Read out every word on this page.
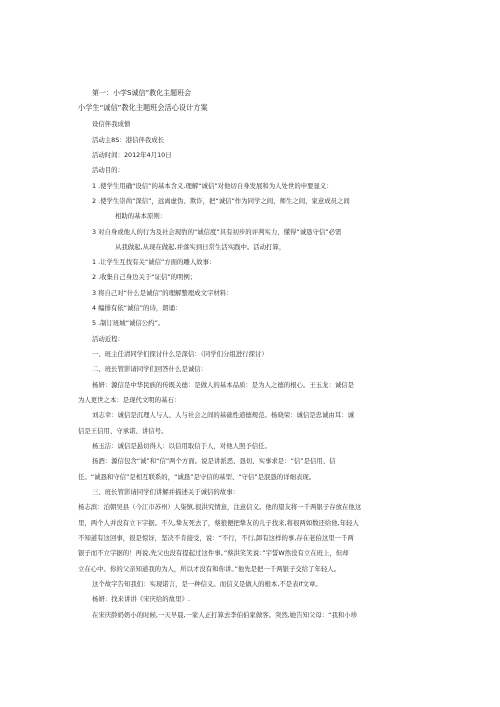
第一：小学S诚信”教化主题班会
小学生“诚信”教化主题班会活心设计方案
设信伴我成愦
活动主8S：港信伴我成长
活动时间：2012年4月10日
活动目的：
1 .使学生用确“设信”的基本含义.理解“诚信”对他切自身发展和为人处世的申要显义：
2 .使学生崇尚“深信”，远离虚伪、欺诈，把“诚信”作为同学之间、师生之间、家意成员之间
相助的基本原则：
3 对自身或他人的行为及社会现豹的“诚信度”具有初步的评判实力，懂得“诚恳守信”必需
从我做起,从现在做起,并落实到日常生活实践中。活动打算，
1 .让学生互找有关“诚信”方面的雕人故事：
2 .收集自己身边关于“证信”的明例；
3 将自己对“什么是诚信”的理解整理成文字材料：
4 编排有依“诚信”的诗，朗诵：
5 .制订班城“诚信公约”。
活动近程：
一、班主任清同学们探讨什么是深信：（同学们分组进行探讨）
二、班长管影请同学们回答什么是诚信：
杨妍：源信是中华民族的传既关德：是做人的基本品质：是为人之德的根心。王玉龙：诚信是
为人更世之本：是现代文明的基石：
刘志幸：诚信是沉理人与人、人与社会之间的基础性道德规范。杨晓荣：诚信是忠诚由耳：诚
信是王信用、守承诺、讲信号。
杨玉洁：诚信是悬切得人：以信用取信于人，对他人照予信任。
扬酒：源信包含“诚”和“信”两个方面。说是讲派恶、恳切、实事求是：“信”是信用、信
任。“诚恳和守信”是相互联系的，“诚恳”是守信的基型、“守信”是泯恳的详细表现。
三、班长管影请同学们讲解并描述关于诚信的故事：
杨志滨：泊朝吴县（今江市苏州）人柒镇,很洪究情意，注意信义。他的望友将一千两银子存放在他这
里，两个人并没有立下字据。不久,挚友死去了，蔡狼便把挚友的儿子找来,将很两如数还给他,年轻人
不知道有这回事，很是惊讶，坚决不肯接受，说：“不行，不行,卸有这样的事,存在老伯这里一千两
银子而不立字据的！再说,先父也没有提起过这件事。”蔡洪笑笑说：”宇誓W然没有立在班上，但却
立在心中。你的父亲知道我的为人，所以才没有和你讲。”他先是把一千两银子交给了年轻人。
这个故字告知我们：实现诺言，是一种信义。而信义是做人的根本,不是表if文章。
杨妍：找来讲讲《宋庆给的故里》.
在宋庆龄奶奶小的时候,一天早晨,一家人正打算去李伯伯家做客。突然,她告知父母：“我和小珍
